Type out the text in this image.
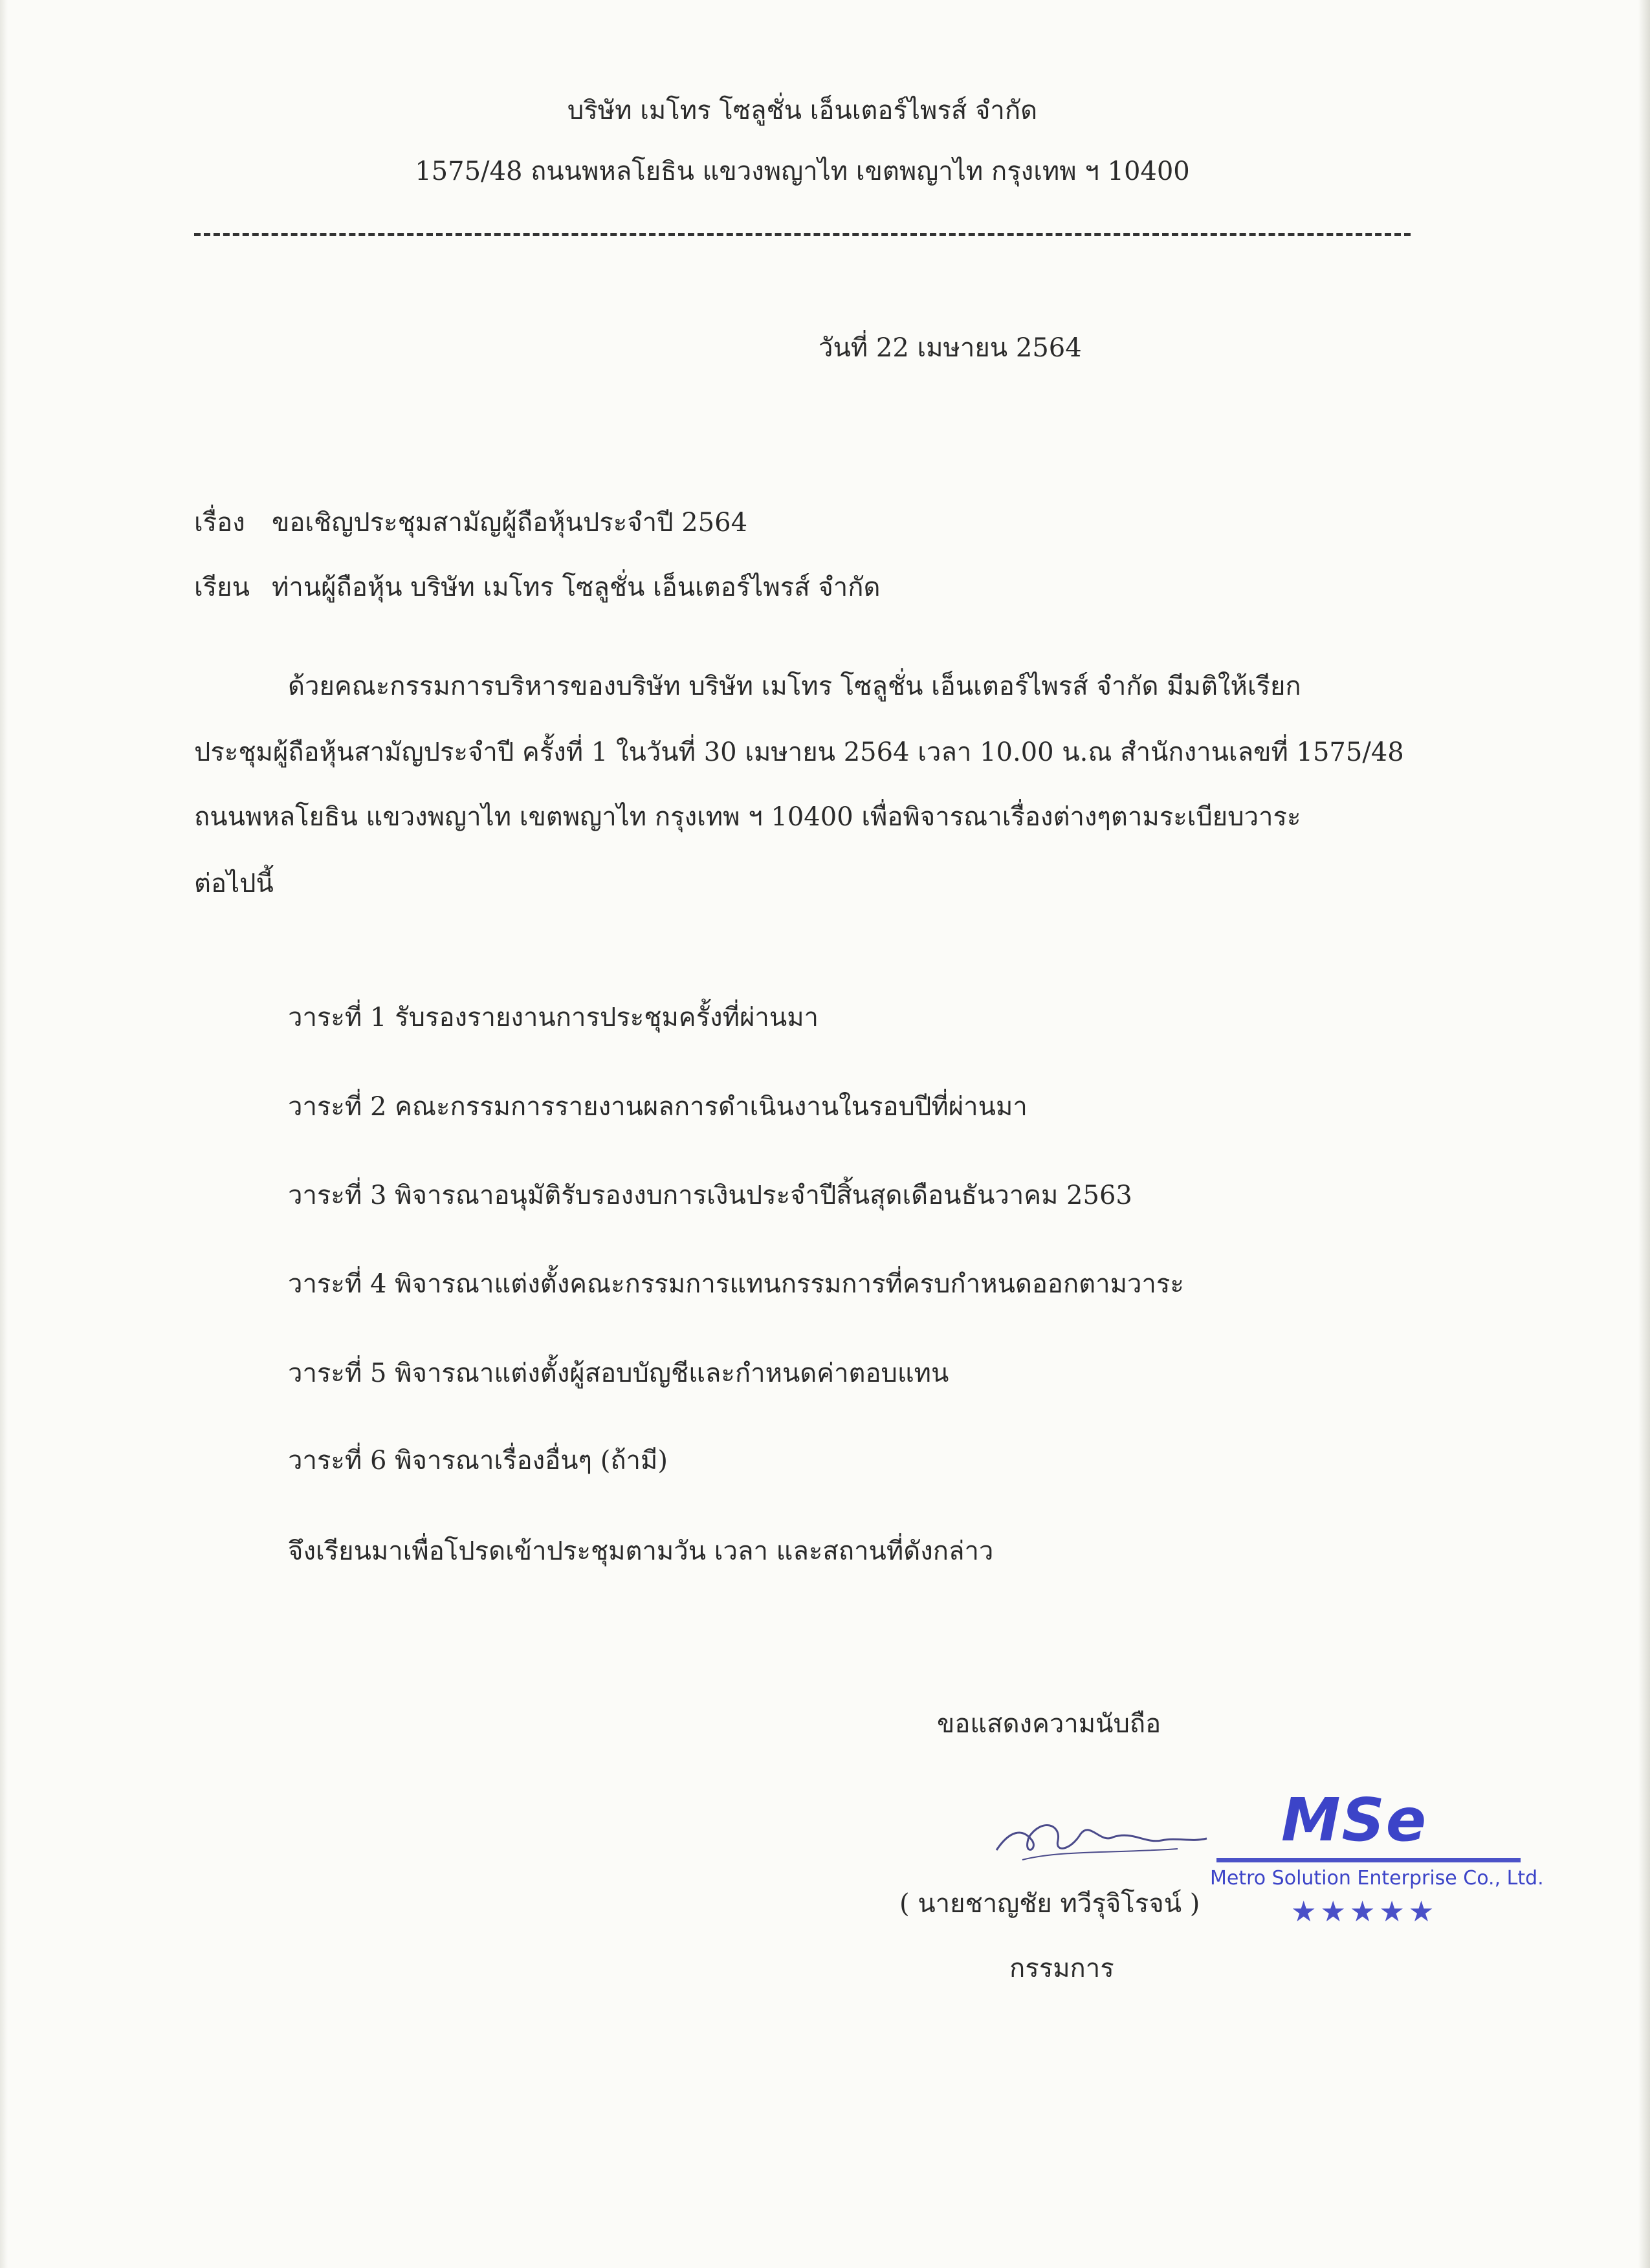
บริษัท เมโทร โซลูชั่น เอ็นเตอร์ไพรส์ จำกัด
1575/48 ถนนพหลโยธิน แขวงพญาไท เขตพญาไท กรุงเทพ ฯ 10400
วันที่ 22 เมษายน 2564
เรื่อง ขอเชิญประชุมสามัญผู้ถือหุ้นประจำปี 2564
เรียน ท่านผู้ถือหุ้น บริษัท เมโทร โซลูชั่น เอ็นเตอร์ไพรส์ จำกัด
ด้วยคณะกรรมการบริหารของบริษัท บริษัท เมโทร โซลูชั่น เอ็นเตอร์ไพรส์ จำกัด มีมติให้เรียก
ประชุมผู้ถือหุ้นสามัญประจำปี ครั้งที่ 1 ในวันที่ 30 เมษายน 2564 เวลา 10.00 น.ณ สำนักงานเลขที่ 1575/48
ถนนพหลโยธิน แขวงพญาไท เขตพญาไท กรุงเทพ ฯ 10400 เพื่อพิจารณาเรื่องต่างๆตามระเบียบวาระ
ต่อไปนี้
วาระที่ 1 รับรองรายงานการประชุมครั้งที่ผ่านมา
วาระที่ 2 คณะกรรมการรายงานผลการดำเนินงานในรอบปีที่ผ่านมา
วาระที่ 3 พิจารณาอนุมัติรับรองงบการเงินประจำปีสิ้นสุดเดือนธันวาคม 2563
วาระที่ 4 พิจารณาแต่งตั้งคณะกรรมการแทนกรรมการที่ครบกำหนดออกตามวาระ
วาระที่ 5 พิจารณาแต่งตั้งผู้สอบบัญชีและกำหนดค่าตอบแทน
วาระที่ 6 พิจารณาเรื่องอื่นๆ (ถ้ามี)
จึงเรียนมาเพื่อโปรดเข้าประชุมตามวัน เวลา และสถานที่ดังกล่าว
ขอแสดงความนับถือ
( นายชาญชัย ทวีรุจิโรจน์ )
กรรมการ
MSe
Metro Solution Enterprise Co., Ltd.
★★★★★
